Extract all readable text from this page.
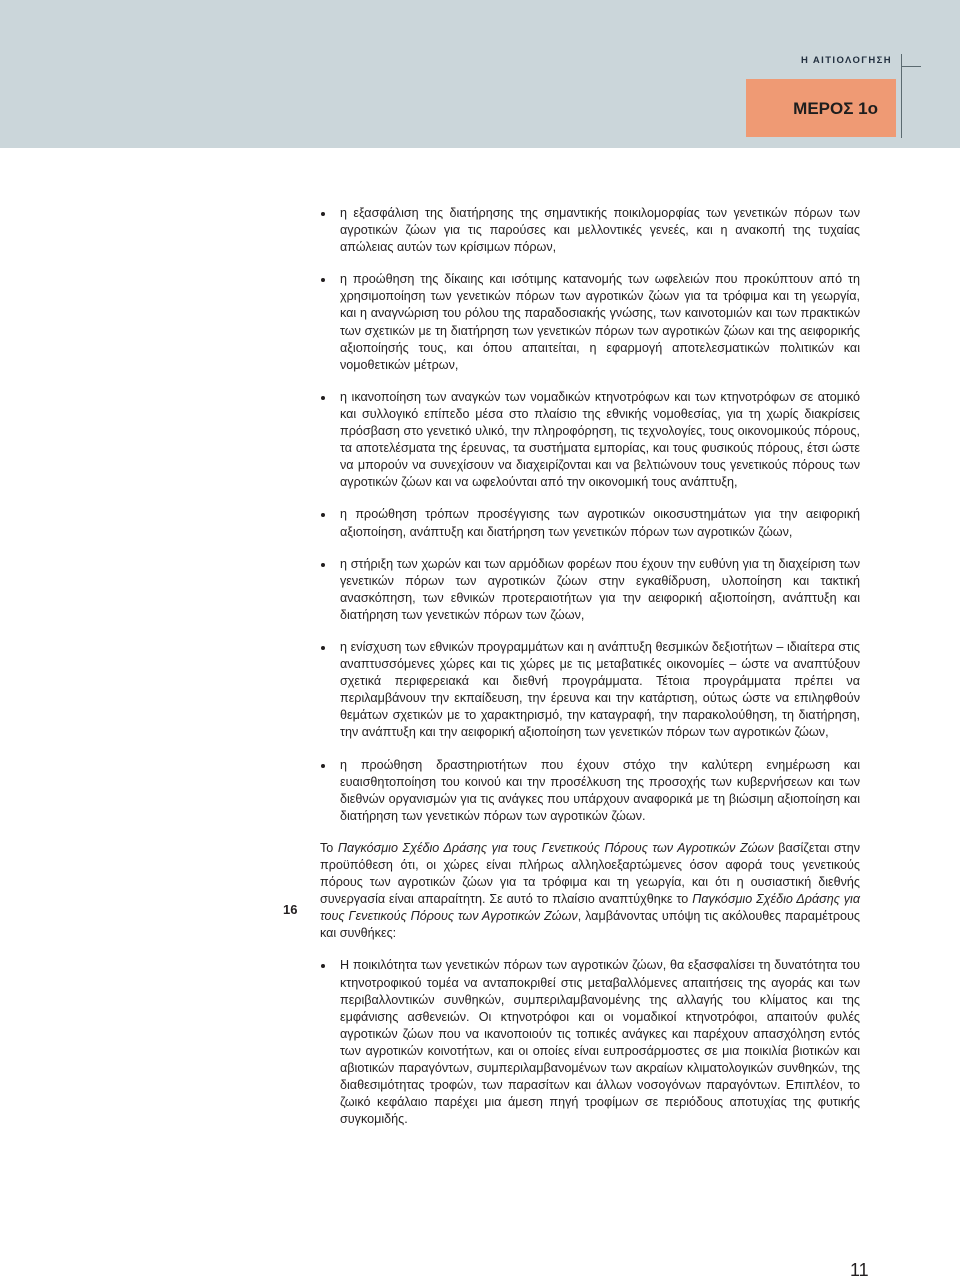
Η ΑΙΤΙΟΛΟΓΗΣΗ
ΜΕΡΟΣ 1ο
η εξασφάλιση της διατήρησης της σημαντικής ποικιλομορφίας των γενετικών πόρων των αγροτικών ζώων για τις παρούσες και μελλοντικές γενεές, και η ανακοπή της τυχαίας απώλειας αυτών των κρίσιμων πόρων,
η προώθηση της δίκαιης και ισότιμης κατανομής των ωφελειών που προκύπτουν από τη χρησιμοποίηση των γενετικών πόρων των αγροτικών ζώων για τα τρόφιμα και τη γεωργία, και η αναγνώριση του ρόλου της παραδοσιακής γνώσης, των καινοτομιών και των πρακτικών των σχετικών με τη διατήρηση των γενετικών πόρων των αγροτικών ζώων και της αειφορικής αξιοποίησής τους, και όπου απαιτείται, η εφαρμογή αποτελεσματικών πολιτικών και νομοθετικών μέτρων,
η ικανοποίηση των αναγκών των νομαδικών κτηνοτρόφων και των κτηνοτρόφων σε ατομικό και συλλογικό επίπεδο μέσα στο πλαίσιο της εθνικής νομοθεσίας, για τη χωρίς διακρίσεις πρόσβαση στο γενετικό υλικό, την πληροφόρηση, τις τεχνολογίες, τους οικονομικούς πόρους, τα αποτελέσματα της έρευνας, τα συστήματα εμπορίας, και τους φυσικούς πόρους, έτσι ώστε να μπορούν να συνεχίσουν να διαχειρίζονται και να βελτιώνουν τους γενετικούς πόρους των αγροτικών ζώων και να ωφελούνται από την οικονομική τους ανάπτυξη,
η προώθηση τρόπων προσέγγισης των αγροτικών οικοσυστημάτων για την αειφορική αξιοποίηση, ανάπτυξη και διατήρηση των γενετικών πόρων των αγροτικών ζώων,
η στήριξη των χωρών και των αρμόδιων φορέων που έχουν την ευθύνη για τη διαχείριση των γενετικών πόρων των αγροτικών ζώων στην εγκαθίδρυση, υλοποίηση και τακτική ανασκόπηση, των εθνικών προτεραιοτήτων για την αειφορική αξιοποίηση, ανάπτυξη και διατήρηση των γενετικών πόρων των ζώων,
η ενίσχυση των εθνικών προγραμμάτων και η ανάπτυξη θεσμικών δεξιοτήτων – ιδιαίτερα στις αναπτυσσόμενες χώρες και τις χώρες με τις μεταβατικές οικονομίες – ώστε να αναπτύξουν σχετικά περιφερειακά και διεθνή προγράμματα. Τέτοια προγράμματα πρέπει να περιλαμβάνουν την εκπαίδευση, την έρευνα και την κατάρτιση, ούτως ώστε να επιληφθούν θεμάτων σχετικών με το χαρακτηρισμό, την καταγραφή, την παρακολούθηση, τη διατήρηση, την ανάπτυξη και την αειφορική αξιοποίηση των γενετικών πόρων των αγροτικών ζώων,
η προώθηση δραστηριοτήτων που έχουν στόχο την καλύτερη ενημέρωση και ευαισθητοποίηση του κοινού και την προσέλκυση της προσοχής των κυβερνήσεων και των διεθνών οργανισμών για τις ανάγκες που υπάρχουν αναφορικά με τη βιώσιμη αξιοποίηση και διατήρηση των γενετικών πόρων των αγροτικών ζώων.

Το Παγκόσμιο Σχέδιο Δράσης για τους Γενετικούς Πόρους των Αγροτικών Ζώων βασίζεται στην προϋπόθεση ότι, οι χώρες είναι πλήρως αλληλοεξαρτώμενες όσον αφορά τους γενετικούς πόρους των αγροτικών ζώων για τα τρόφιμα και τη γεωργία, και ότι η ουσιαστική διεθνής συνεργασία είναι απαραίτητη. Σε αυτό το πλαίσιο αναπτύχθηκε το Παγκόσμιο Σχέδιο Δράσης για τους Γενετικούς Πόρους των Αγροτικών Ζώων, λαμβάνοντας υπόψη τις ακόλουθες παραμέτρους και συνθήκες:

Η ποικιλότητα των γενετικών πόρων των αγροτικών ζώων, θα εξασφαλίσει τη δυνατότητα του κτηνοτροφικού τομέα να ανταποκριθεί στις μεταβαλλόμενες απαιτήσεις της αγοράς και των περιβαλλοντικών συνθηκών, συμπεριλαμβανομένης της αλλαγής του κλίματος και της εμφάνισης ασθενειών. Οι κτηνοτρόφοι και οι νομαδικοί κτηνοτρόφοι, απαιτούν φυλές αγροτικών ζώων που να ικανοποιούν τις τοπικές ανάγκες και παρέχουν απασχόληση εντός των αγροτικών κοινοτήτων, και οι οποίες είναι ευπροσάρμοστες σε μια ποικιλία βιοτικών και αβιοτικών παραγόντων, συμπεριλαμβανομένων των ακραίων κλιματολογικών συνθηκών, της διαθεσιμότητας τροφών, των παρασίτων και άλλων νοσογόνων παραγόντων. Επιπλέον, το ζωικό κεφάλαιο παρέχει μια άμεση πηγή τροφίμων σε περιόδους αποτυχίας της φυτικής συγκομιδής.
16
11
